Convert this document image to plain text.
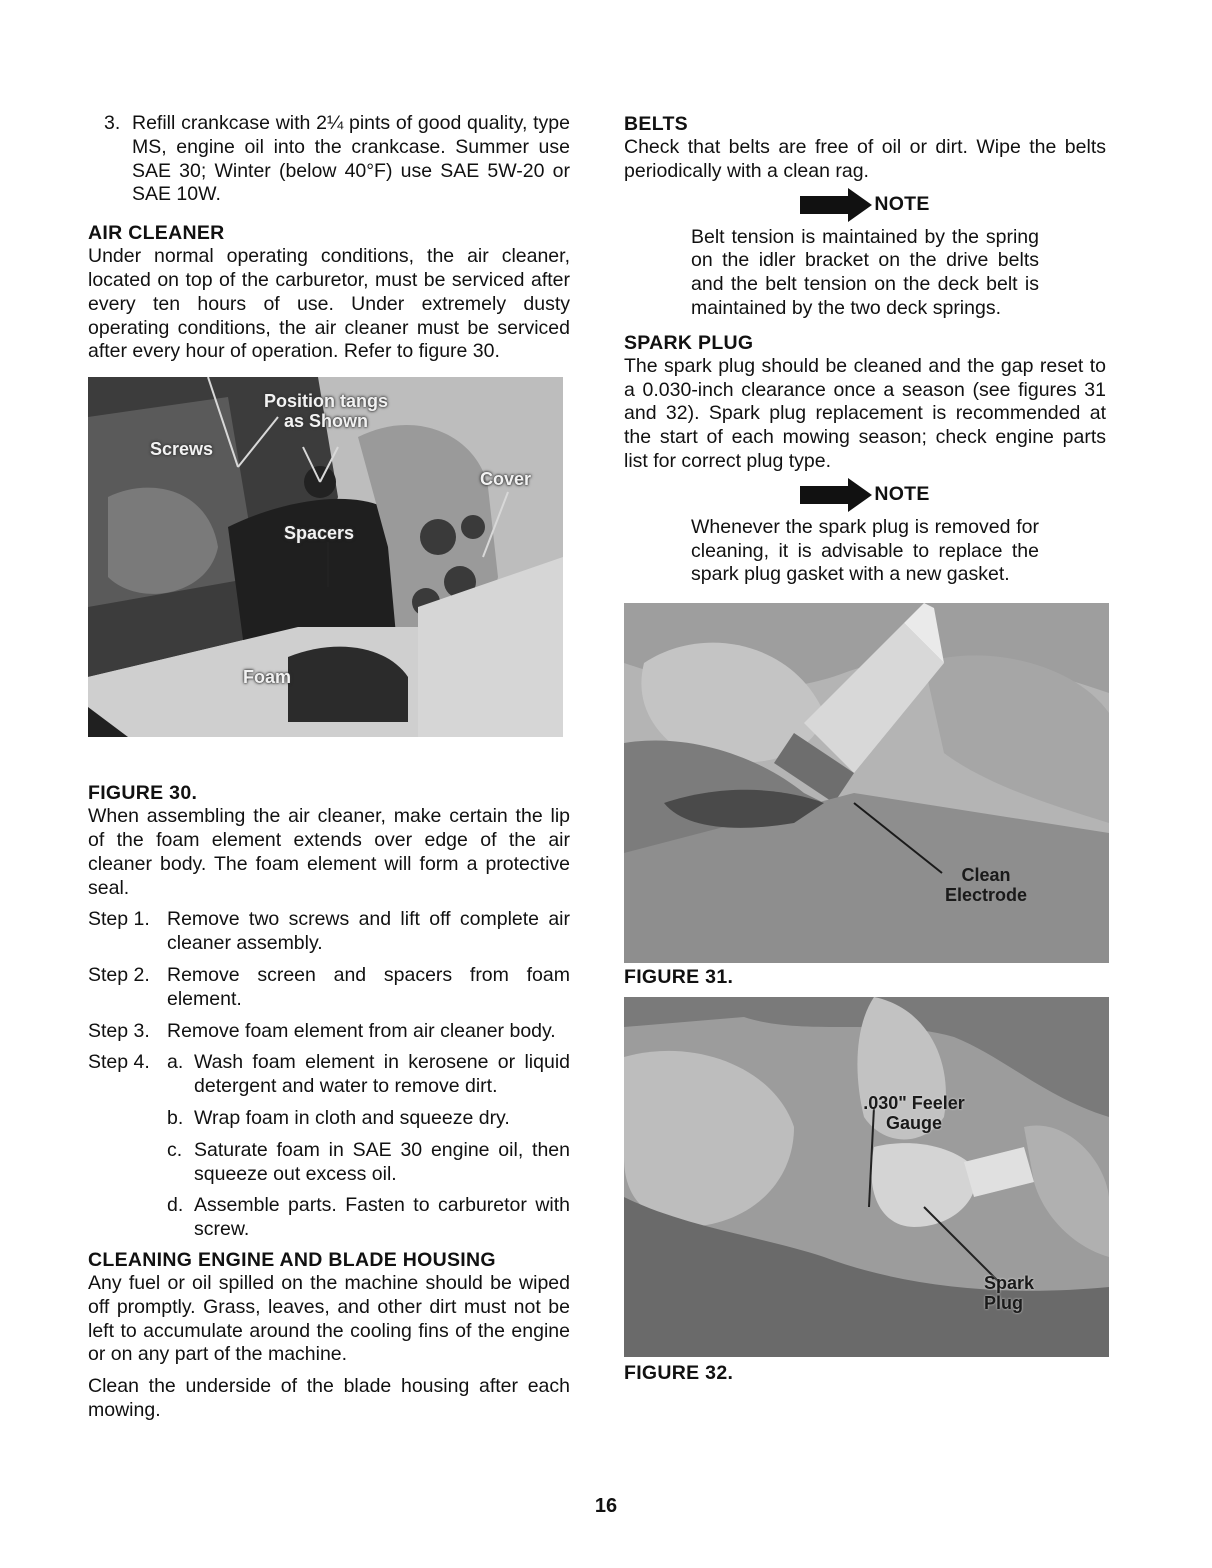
3. Refill crankcase with 2¼ pints of good quality, type MS, engine oil into the crankcase. Summer use SAE 30; Winter (below 40°F) use SAE 5W-20 or SAE 10W.
AIR CLEANER

Under normal operating conditions, the air cleaner, located on top of the carburetor, must be serviced after every ten hours of use. Under extremely dusty operating conditions, the air cleaner must be serviced after every hour of operation. Refer to figure 30.

Position tangs as Shown
Screws
Cover
Spacers
Foam
FIGURE 30.

When assembling the air cleaner, make certain the lip of the foam element extends over edge of the air cleaner body. The foam element will form a protective seal.

Step 1. Remove two screws and lift off complete air cleaner assembly.
Step 2. Remove screen and spacers from foam element.
Step 3. Remove foam element from air cleaner body.
Step 4. a. Wash foam element in kerosene or liquid detergent and water to remove dirt.
b. Wrap foam in cloth and squeeze dry.
c. Saturate foam in SAE 30 engine oil, then squeeze out excess oil.
d. Assemble parts. Fasten to carburetor with screw.
CLEANING ENGINE AND BLADE HOUSING

Any fuel or oil spilled on the machine should be wiped off promptly. Grass, leaves, and other dirt must not be left to accumulate around the cooling fins of the engine or on any part of the machine.

Clean the underside of the blade housing after each mowing.

BELTS

Check that belts are free of oil or dirt. Wipe the belts periodically with a clean rag.

NOTE

Belt tension is maintained by the spring on the idler bracket on the drive belts and the belt tension on the deck belt is maintained by the two deck springs.

SPARK PLUG

The spark plug should be cleaned and the gap reset to a 0.030-inch clearance once a season (see figures 31 and 32). Spark plug replacement is recommended at the start of each mowing season; check engine parts list for correct plug type.

NOTE

Whenever the spark plug is removed for cleaning, it is advisable to replace the spark plug gasket with a new gasket.

Clean Electrode
FIGURE 31.
.030" Feeler Gauge
Spark Plug
FIGURE 32.
16
